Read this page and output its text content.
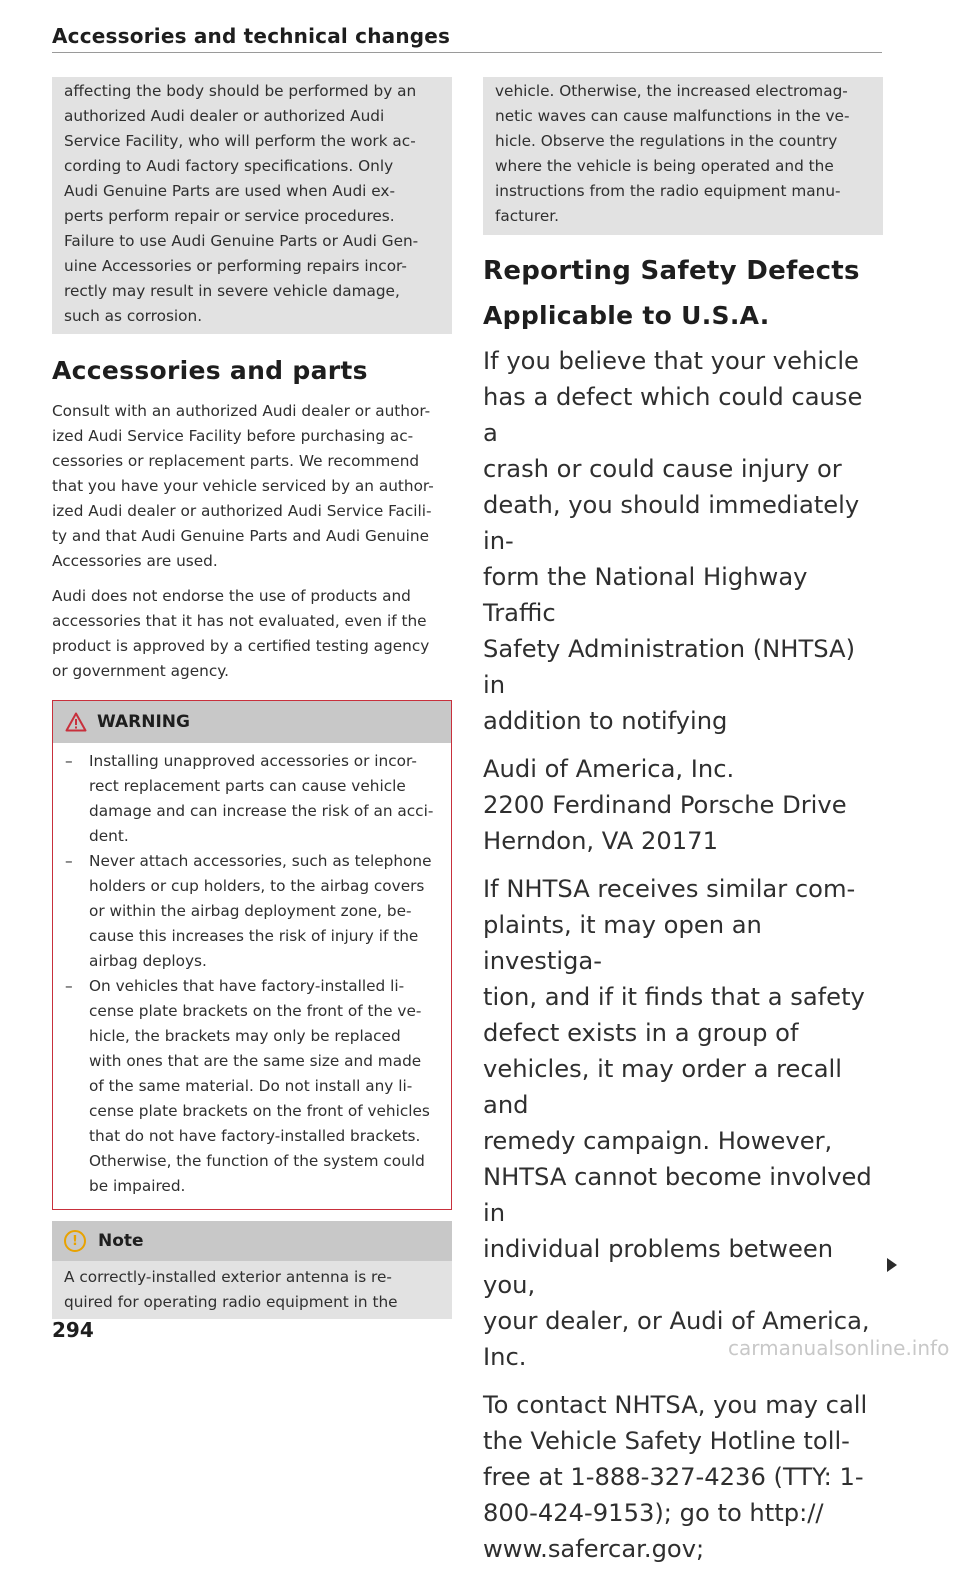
Accessories and technical changes

affecting the body should be performed by an
authorized Audi dealer or authorized Audi
Service Facility, who will perform the work ac-
cording to Audi factory specifications. Only
Audi Genuine Parts are used when Audi ex-
perts perform repair or service procedures.
Failure to use Audi Genuine Parts or Audi Gen-
uine Accessories or performing repairs incor-
rectly may result in severe vehicle damage,
such as corrosion.

Accessories and parts

Consult with an authorized Audi dealer or author-
ized Audi Service Facility before purchasing ac-
cessories or replacement parts. We recommend
that you have your vehicle serviced by an author-
ized Audi dealer or authorized Audi Service Facili-
ty and that Audi Genuine Parts and Audi Genuine
Accessories are used.

Audi does not endorse the use of products and
accessories that it has not evaluated, even if the
product is approved by a certified testing agency
or government agency.

WARNING
– Installing unapproved accessories or incor-
rect replacement parts can cause vehicle
damage and can increase the risk of an acci-
dent.
– Never attach accessories, such as telephone
holders or cup holders, to the airbag covers
or within the airbag deployment zone, be-
cause this increases the risk of injury if the
airbag deploys.
– On vehicles that have factory-installed li-
cense plate brackets on the front of the ve-
hicle, the brackets may only be replaced
with ones that are the same size and made
of the same material. Do not install any li-
cense plate brackets on the front of vehicles
that do not have factory-installed brackets.
Otherwise, the function of the system could
be impaired.
!	Note

A correctly-installed exterior antenna is re-
quired for operating radio equipment in the

vehicle. Otherwise, the increased electromag-
netic waves can cause malfunctions in the ve-
hicle. Observe the regulations in the country
where the vehicle is being operated and the
instructions from the radio equipment manu-
facturer.

Reporting Safety Defects
Applicable to U.S.A.

If you believe that your vehicle
has a defect which could cause a
crash or could cause injury or
death, you should immediately in-
form the National Highway Traffic
Safety Administration (NHTSA) in
addition to notifying

Audi of America, Inc.
2200 Ferdinand Porsche Drive
Herndon, VA 20171

If NHTSA receives similar com-
plaints, it may open an investiga-
tion, and if it finds that a safety
defect exists in a group of
vehicles, it may order a recall and
remedy campaign. However,
NHTSA cannot become involved in
individual problems between you,
your dealer, or Audi of America,
Inc.

To contact NHTSA, you may call
the Vehicle Safety Hotline toll-
free at 1-888-327-4236 (TTY: 1-
800-424-9153); go to http://
www.safercar.gov;

294
carmanualsonline.info
